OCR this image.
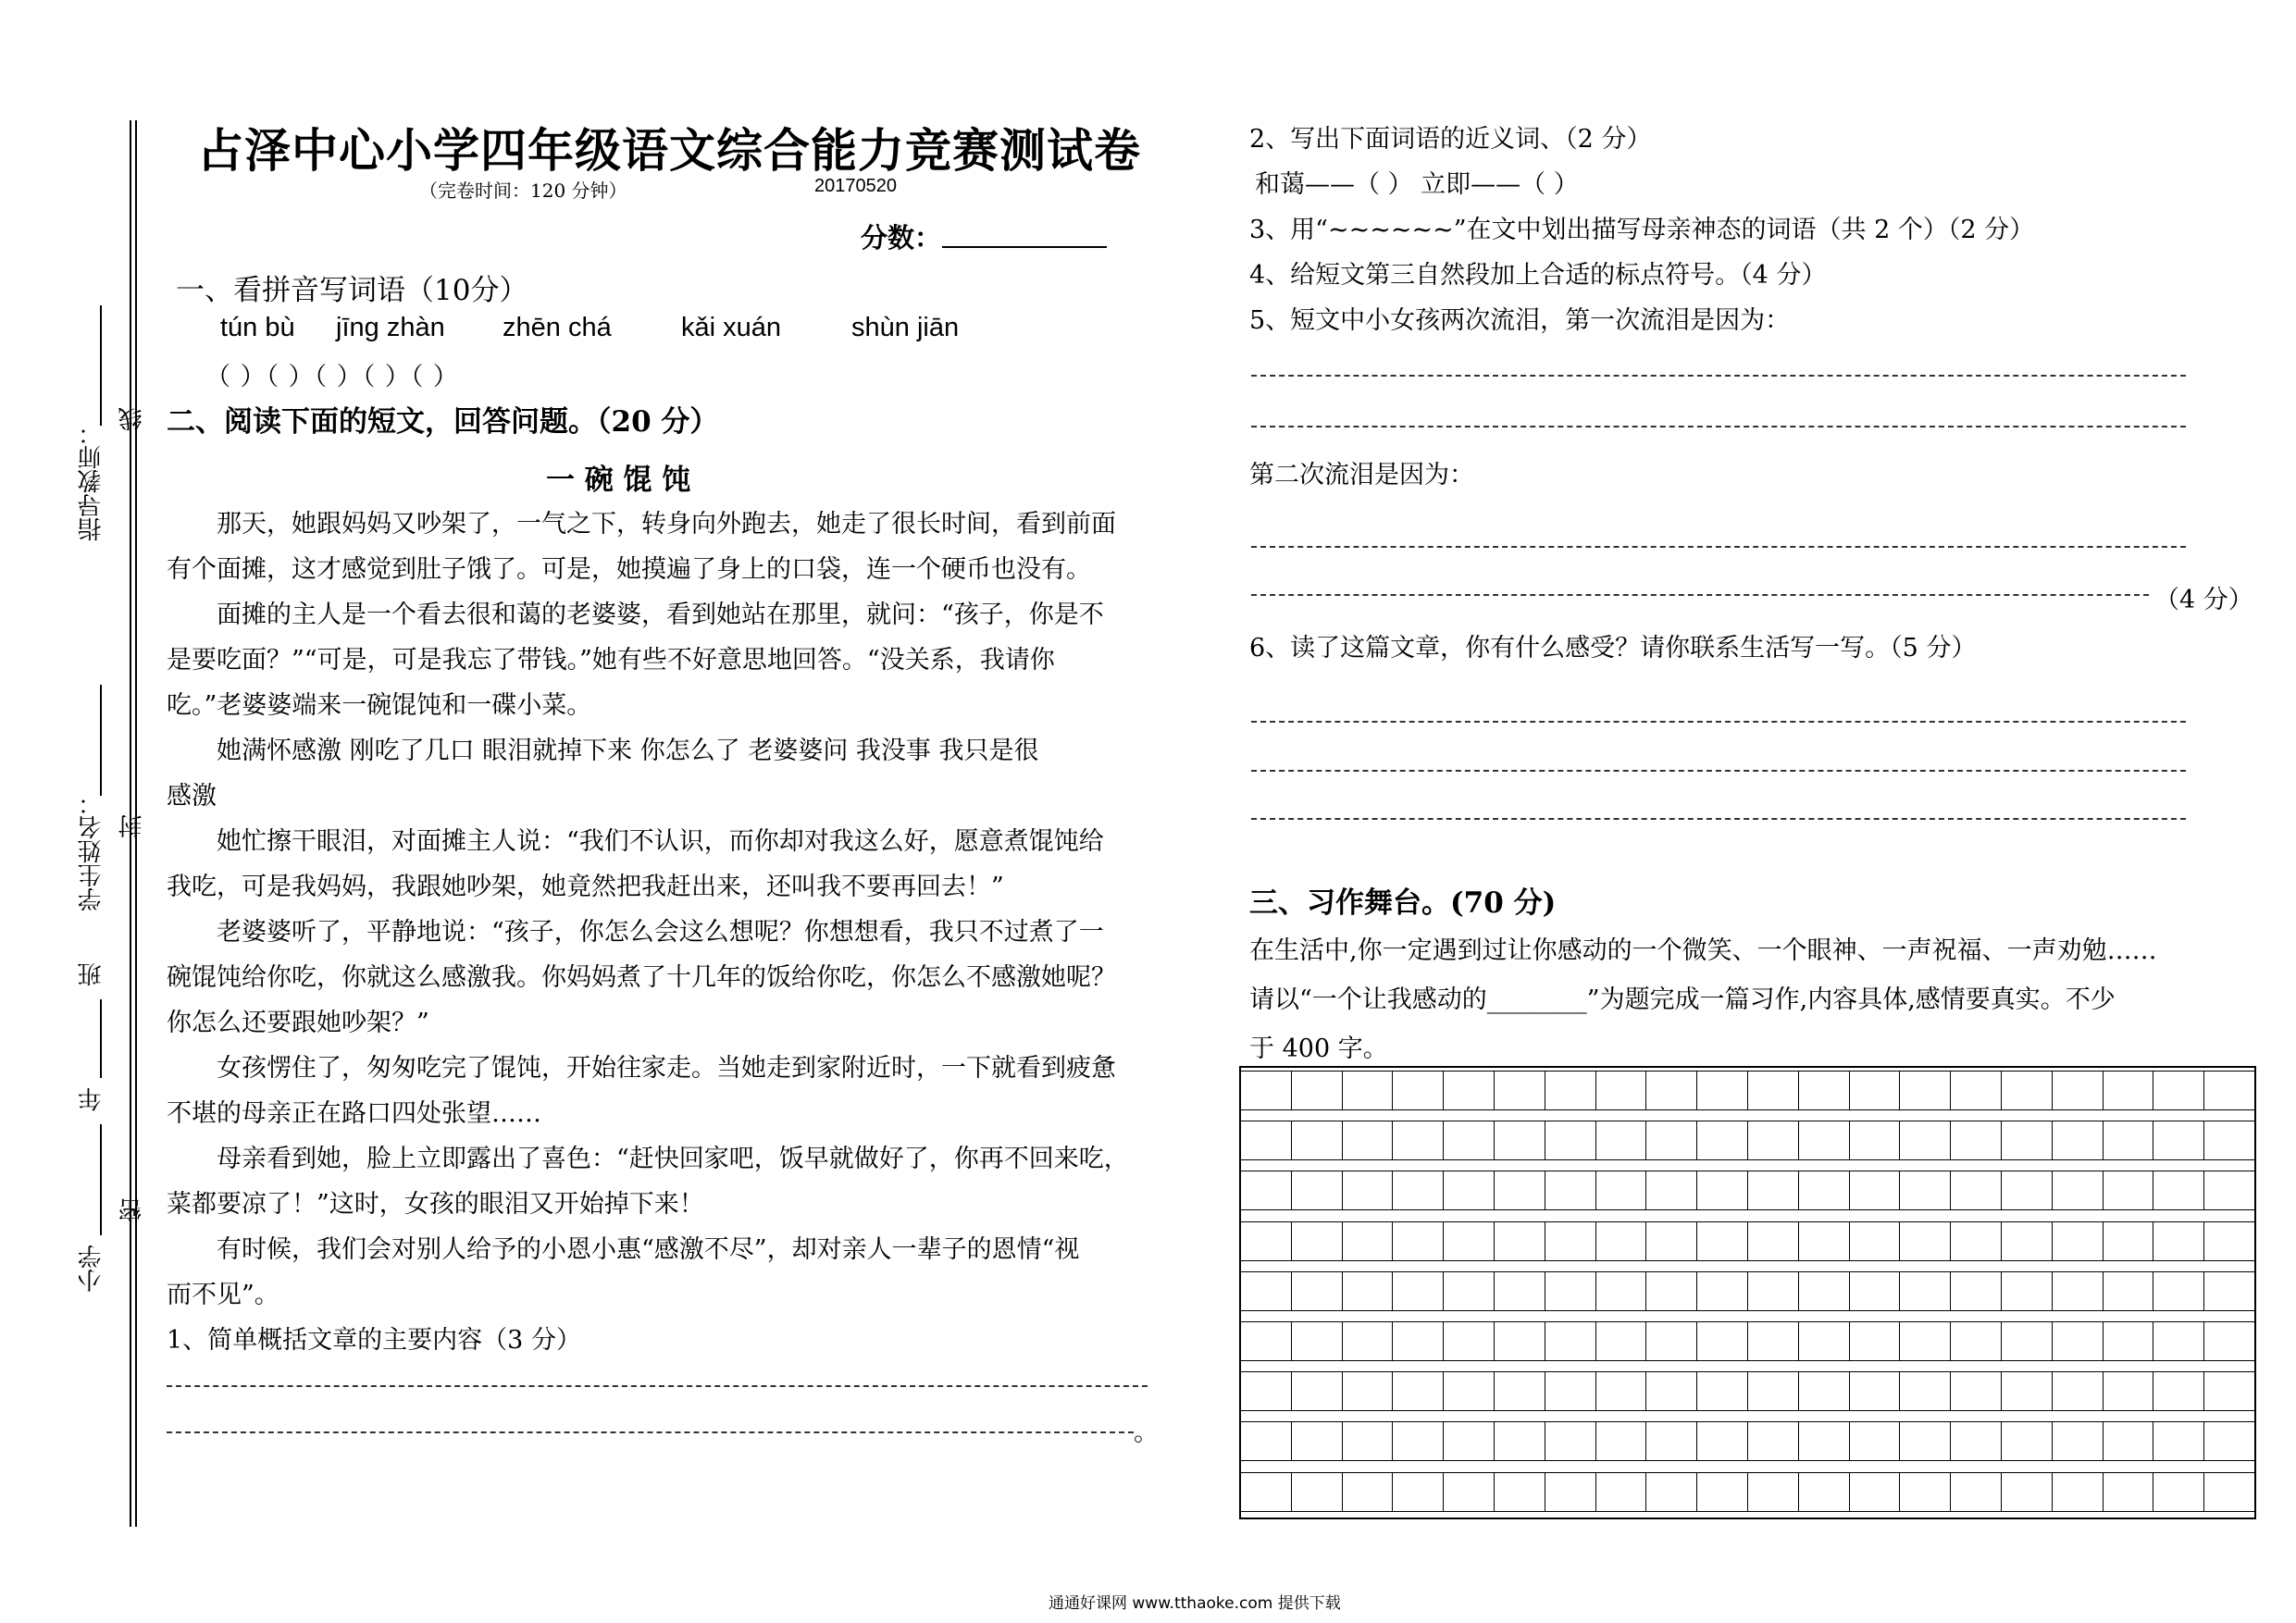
指导教师：
线
学生姓名： 封
班
年
小学
密
占泽中心小学四年级语文综合能力竞赛测试卷
（完卷时间：120 分钟）	20170520
分数：
一、看拼音写词语（10分）
tún bù jīng zhàn zhēn chá	kǎi xuán	shùn jiān
（ ）（ ）（ ）（ ）（ ）
二、阅读下面的短文，回答问题。（20 分）
一 碗 馄 饨
　　那天，她跟妈妈又吵架了，一气之下，转身向外跑去，她走了很长时间，看到前面
有个面摊，这才感觉到肚子饿了。可是，她摸遍了身上的口袋，连一个硬币也没有。
　　面摊的主人是一个看去很和蔼的老婆婆，看到她站在那里，就问：“孩子，你是不
是要吃面？”“可是，可是我忘了带钱。”她有些不好意思地回答。“没关系，我请你
吃。”老婆婆端来一碗馄饨和一碟小菜。
　　她满怀感激 刚吃了几口 眼泪就掉下来 你怎么了 老婆婆问 我没事 我只是很
感激
　　她忙擦干眼泪，对面摊主人说：“我们不认识，而你却对我这么好，愿意煮馄饨给
我吃，可是我妈妈，我跟她吵架，她竟然把我赶出来，还叫我不要再回去！”
　　老婆婆听了，平静地说：“孩子，你怎么会这么想呢？你想想看，我只不过煮了一
碗馄饨给你吃，你就这么感激我。你妈妈煮了十几年的饭给你吃，你怎么不感激她呢？
你怎么还要跟她吵架？”
　　女孩愣住了，匆匆吃完了馄饨，开始往家走。当她走到家附近时，一下就看到疲惫
不堪的母亲正在路口四处张望……
　　母亲看到她，脸上立即露出了喜色：“赶快回家吧，饭早就做好了，你再不回来吃，
菜都要凉了！”这时，女孩的眼泪又开始掉下来！
　　有时候，我们会对别人给予的小恩小惠“感激不尽”，却对亲人一辈子的恩情“视
而不见”。
1、简单概括文章的主要内容（3 分）
。
2、写出下面词语的近义词、（2 分）
和蔼——（ ） 立即——（ ）
3、用“~~~~~~”在文中划出描写母亲神态的词语（共 2 个）（2 分）
4、给短文第三自然段加上合适的标点符号。（4 分）
5、短文中小女孩两次流泪，第一次流泪是因为：
第二次流泪是因为：
（4 分）
6、读了这篇文章，你有什么感受？请你联系生活写一写。（5 分）
三、习作舞台。(70 分)
在生活中,你一定遇到过让你感动的一个微笑、一个眼神、一声祝福、一声劝勉……
请以“一个让我感动的________”为题完成一篇习作,内容具体,感情要真实。不少
于 400 字。
通通好课网 www.tthaoke.com 提供下载
